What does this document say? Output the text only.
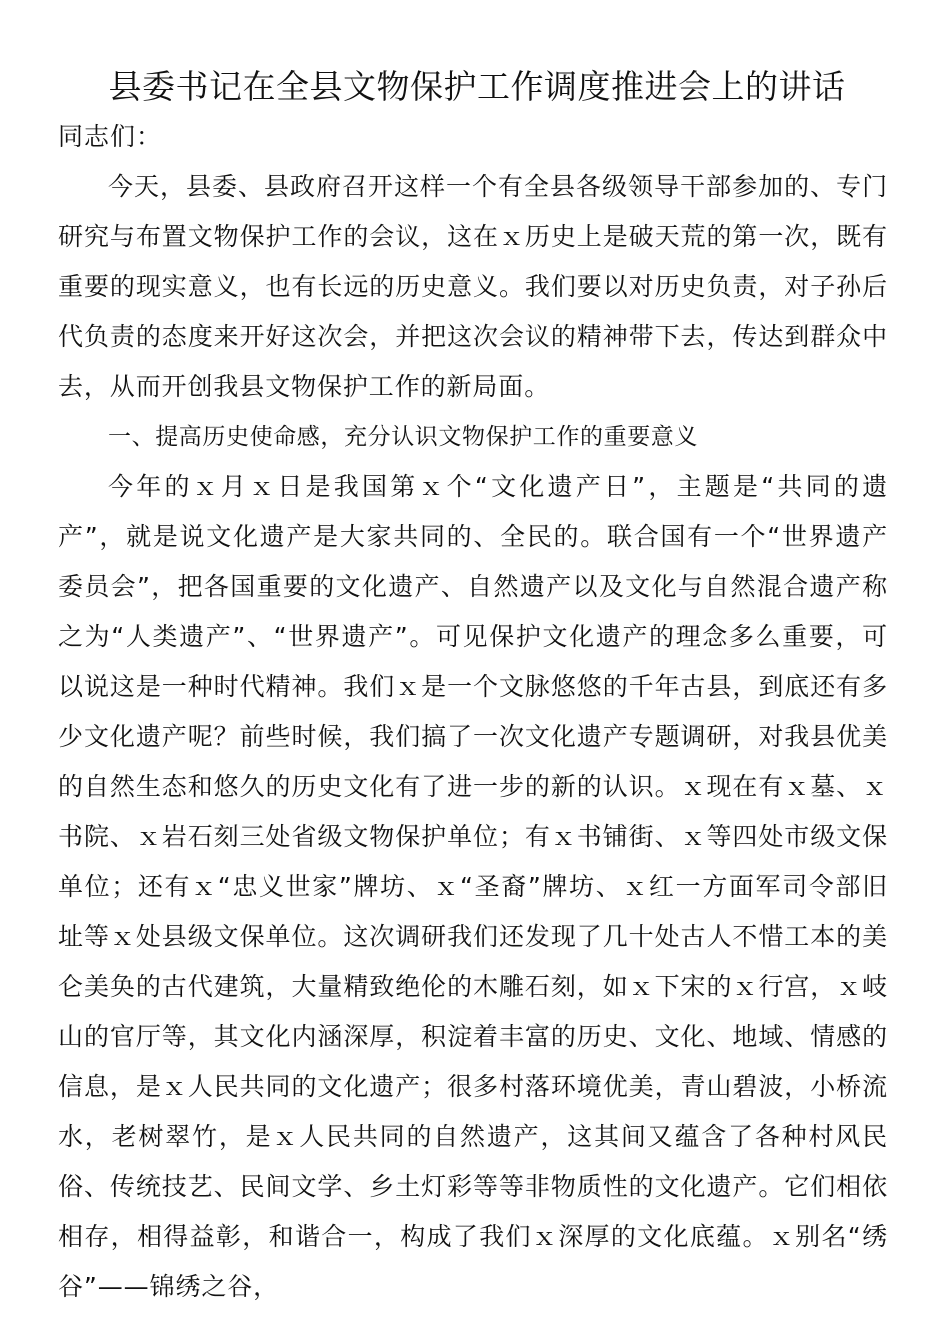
县委书记在全县文物保护工作调度推进会上的讲话

同志们：

今天，县委、县政府召开这样一个有全县各级领导干部参加的、专门研究与布置文物保护工作的会议，这在ｘ历史上是破天荒的第一次，既有重要的现实意义，也有长远的历史意义。我们要以对历史负责，对子孙后代负责的态度来开好这次会，并把这次会议的精神带下去，传达到群众中去，从而开创我县文物保护工作的新局面。

一、提高历史使命感，充分认识文物保护工作的重要意义

今年的ｘ月ｘ日是我国第ｘ个“文化遗产日”，主题是“共同的遗产”，就是说文化遗产是大家共同的、全民的。联合国有一个“世界遗产委员会”，把各国重要的文化遗产、自然遗产以及文化与自然混合遗产称之为“人类遗产”、“世界遗产”。可见保护文化遗产的理念多么重要，可以说这是一种时代精神。我们ｘ是一个文脉悠悠的千年古县，到底还有多少文化遗产呢？前些时候，我们搞了一次文化遗产专题调研，对我县优美的自然生态和悠久的历史文化有了进一步的新的认识。ｘ现在有ｘ墓、ｘ书院、ｘ岩石刻三处省级文物保护单位；有ｘ书铺街、ｘ等四处市级文保单位；还有ｘ“忠义世家”牌坊、ｘ“圣裔”牌坊、ｘ红一方面军司令部旧址等ｘ处县级文保单位。这次调研我们还发现了几十处古人不惜工本的美仑美奂的古代建筑，大量精致绝伦的木雕石刻，如ｘ下宋的ｘ行宫，ｘ岐山的官厅等，其文化内涵深厚，积淀着丰富的历史、文化、地域、情感的信息，是ｘ人民共同的文化遗产；很多村落环境优美，青山碧波，小桥流水，老树翠竹，是ｘ人民共同的自然遗产，这其间又蕴含了各种村风民俗、传统技艺、民间文学、乡土灯彩等等非物质性的文化遗产。它们相依相存，相得益彰，和谐合一，构成了我们ｘ深厚的文化底蕴。ｘ别名“绣谷”——锦绣之谷，
